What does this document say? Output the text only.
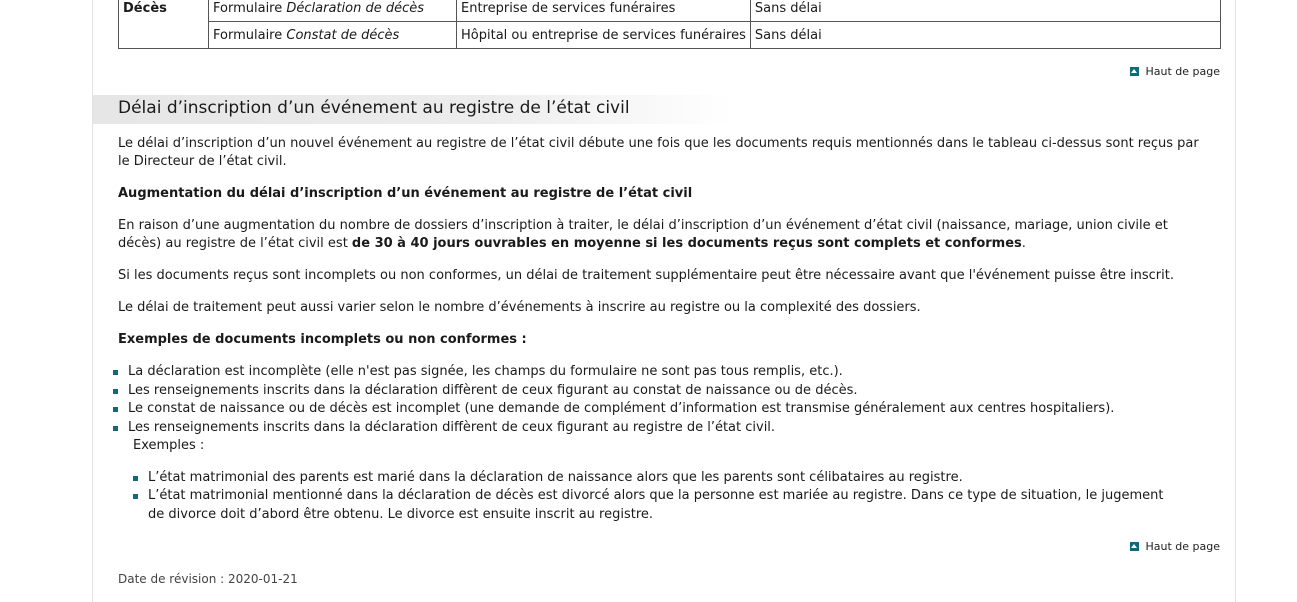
Décès	Formulaire Déclaration de décès	Entreprise de services funéraires	Sans délai
	Formulaire Constat de décès	Hôpital ou entreprise de services funéraires	Sans délai
Haut de page
Délai d’inscription d’un événement au registre de l’état civil

Le délai d’inscription d’un nouvel événement au registre de l’état civil débute une fois que les documents requis mentionnés dans le tableau ci-dessus sont reçus par le Directeur de l’état civil.

Augmentation du délai d’inscription d’un événement au registre de l’état civil

En raison d’une augmentation du nombre de dossiers d’inscription à traiter, le délai d’inscription d’un événement d’état civil (naissance, mariage, union civile et décès) au registre de l’état civil est de 30 à 40 jours ouvrables en moyenne si les documents reçus sont complets et conformes.

Si les documents reçus sont incomplets ou non conformes, un délai de traitement supplémentaire peut être nécessaire avant que l'événement puisse être inscrit.
Le délai de traitement peut aussi varier selon le nombre d’événements à inscrire au registre ou la complexité des dossiers.
Exemples de documents incomplets ou non conformes :
La déclaration est incomplète (elle n'est pas signée, les champs du formulaire ne sont pas tous remplis, etc.).
Les renseignements inscrits dans la déclaration diffèrent de ceux figurant au constat de naissance ou de décès.
Le constat de naissance ou de décès est incomplet (une demande de complément d’information est transmise généralement aux centres hospitaliers).
Les renseignements inscrits dans la déclaration diffèrent de ceux figurant au registre de l’état civil.
Exemples :
L’état matrimonial des parents est marié dans la déclaration de naissance alors que les parents sont célibataires au registre.
L’état matrimonial mentionné dans la déclaration de décès est divorcé alors que la personne est mariée au registre. Dans ce type de situation, le jugement de divorce doit d’abord être obtenu. Le divorce est ensuite inscrit au registre.
Haut de page
Date de révision : 2020-01-21
